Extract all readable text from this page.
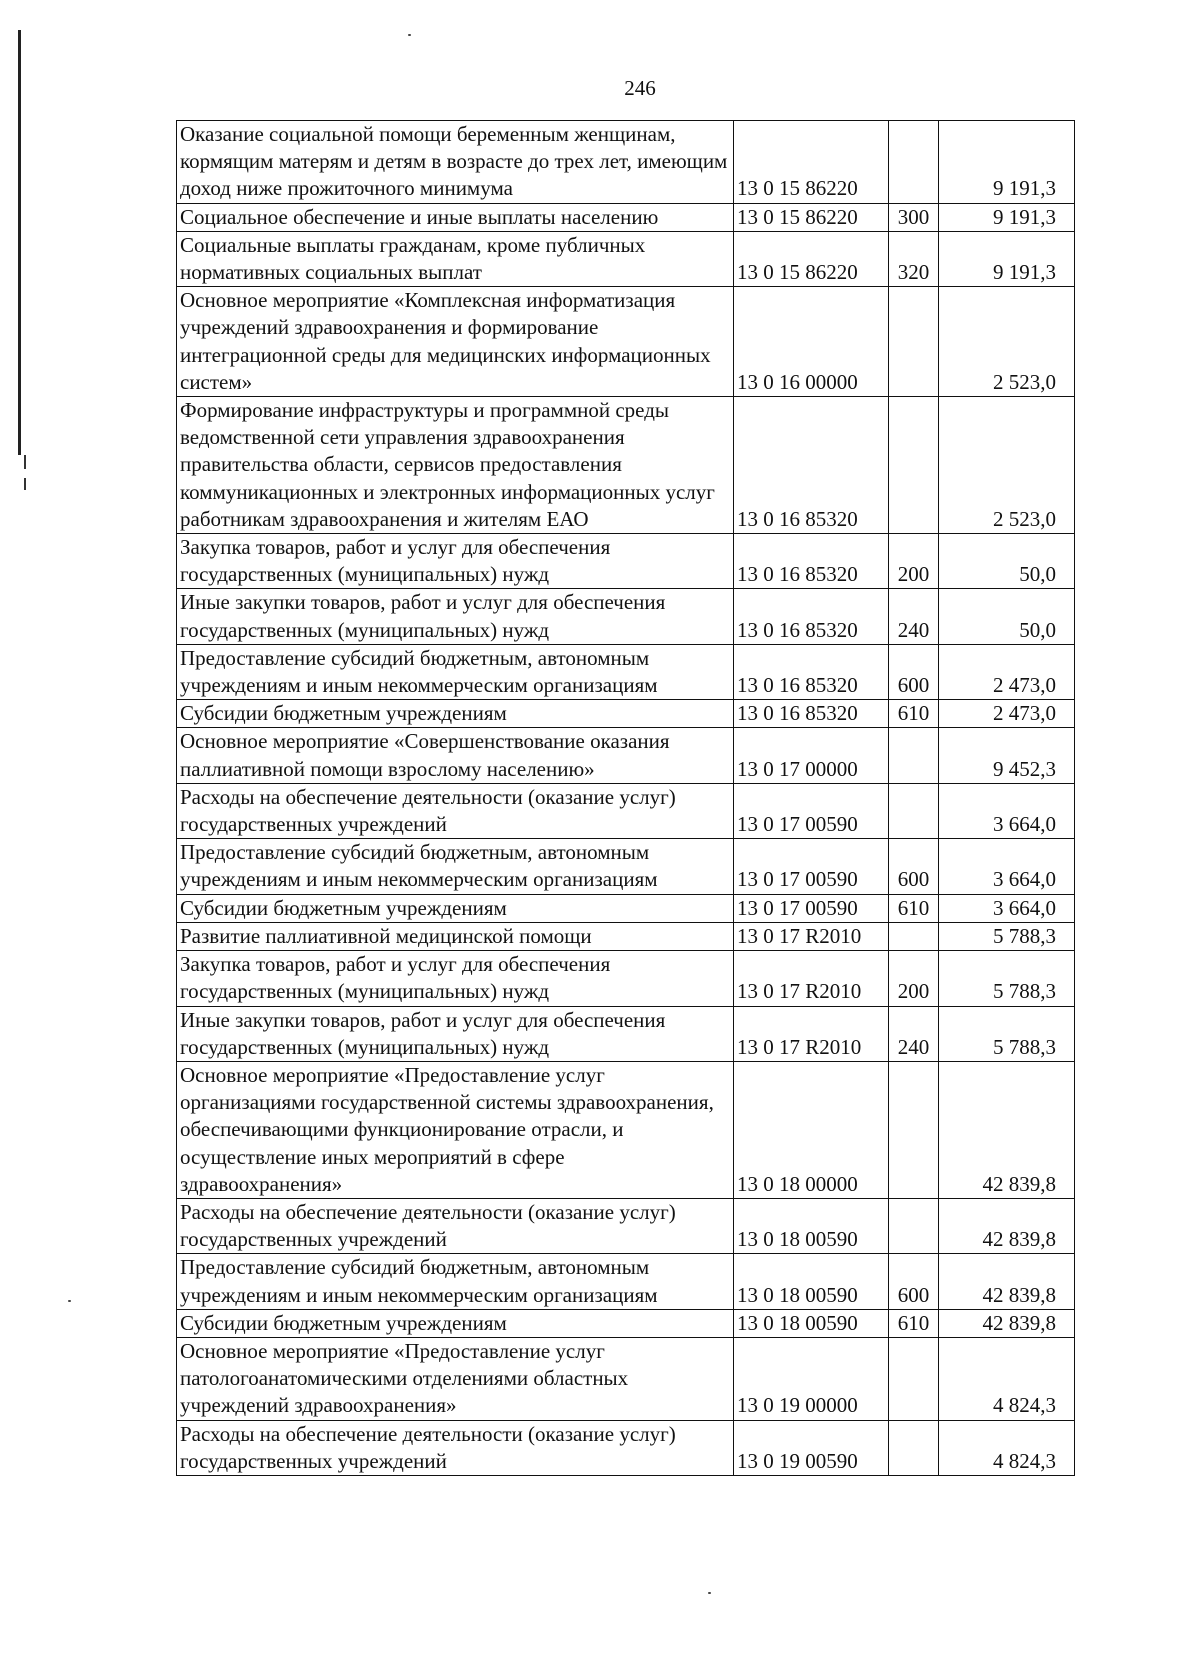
246
Оказание социальной помощи беременным женщинам, кормящим матерям и детям в возрасте до трех лет, имеющим доход ниже прожиточного минимума	13 0 15 86220		9 191,3
Социальное обеспечение и иные выплаты населению	13 0 15 86220	300	9 191,3
Социальные выплаты гражданам, кроме публичных нормативных социальных выплат	13 0 15 86220	320	9 191,3
Основное мероприятие «Комплексная информатизация учреждений здравоохранения и формирование интеграционной среды для медицинских информационных систем»	13 0 16 00000		2 523,0
Формирование инфраструктуры и программной среды ведомственной сети управления здравоохранения правительства области, сервисов предоставления коммуникационных и электронных информационных услуг работникам здравоохранения и жителям ЕАО	13 0 16 85320		2 523,0
Закупка товаров, работ и услуг для обеспечения государственных (муниципальных) нужд	13 0 16 85320	200	50,0
Иные закупки товаров, работ и услуг для обеспечения государственных (муниципальных) нужд	13 0 16 85320	240	50,0
Предоставление субсидий бюджетным, автономным учреждениям и иным некоммерческим организациям	13 0 16 85320	600	2 473,0
Субсидии бюджетным учреждениям	13 0 16 85320	610	2 473,0
Основное мероприятие «Совершенствование оказания паллиативной помощи взрослому населению»	13 0 17 00000		9 452,3
Расходы на обеспечение деятельности (оказание услуг) государственных учреждений	13 0 17 00590		3 664,0
Предоставление субсидий бюджетным, автономным учреждениям и иным некоммерческим организациям	13 0 17 00590	600	3 664,0
Субсидии бюджетным учреждениям	13 0 17 00590	610	3 664,0
Развитие паллиативной медицинской помощи	13 0 17 R2010		5 788,3
Закупка товаров, работ и услуг для обеспечения государственных (муниципальных) нужд	13 0 17 R2010	200	5 788,3
Иные закупки товаров, работ и услуг для обеспечения государственных (муниципальных) нужд	13 0 17 R2010	240	5 788,3
Основное мероприятие «Предоставление услуг организациями государственной системы здравоохранения, обеспечивающими функционирование отрасли, и осуществление иных мероприятий в сфере здравоохранения»	13 0 18 00000		42 839,8
Расходы на обеспечение деятельности (оказание услуг) государственных учреждений	13 0 18 00590		42 839,8
Предоставление субсидий бюджетным, автономным учреждениям и иным некоммерческим организациям	13 0 18 00590	600	42 839,8
Субсидии бюджетным учреждениям	13 0 18 00590	610	42 839,8
Основное мероприятие «Предоставление услуг патологоанатомическими отделениями областных учреждений здравоохранения»	13 0 19 00000		4 824,3
Расходы на обеспечение деятельности (оказание услуг) государственных учреждений	13 0 19 00590		4 824,3
